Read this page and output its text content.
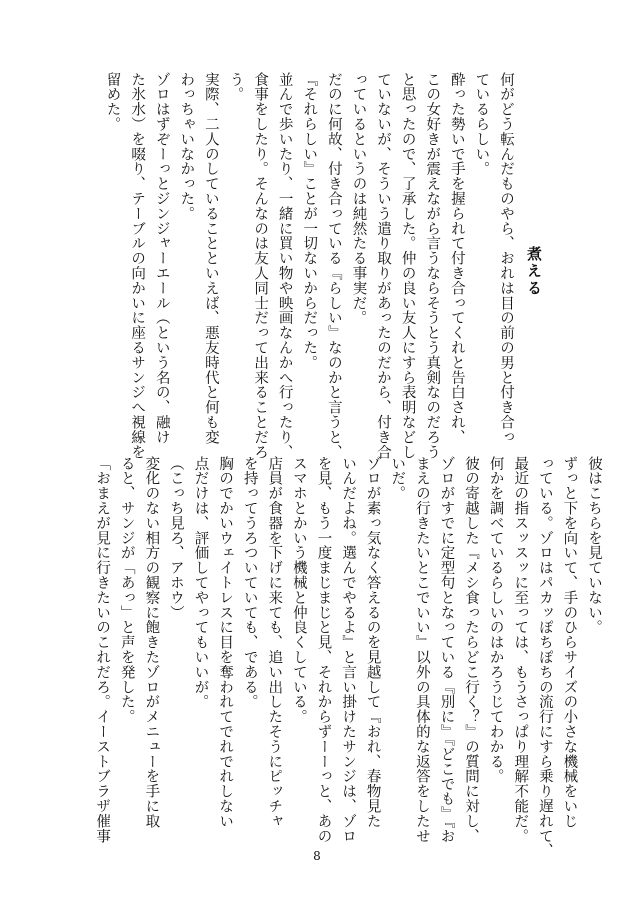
煮える
何がどう転んだものやら、おれは目の前の男と付き合っ
ているらしい。
酔った勢いで手を握られて付き合ってくれと告白され、
この女好きが震えながら言うならそうとう真剣なのだろう
と思ったので、了承した。仲の良い友人にすら表明などし
ていないが、そういう遣り取りがあったのだから、付き合
っているというのは純然たる事実だ。
だのに何故、付き合っている『らしい』なのかと言うと、
『それらしい』ことが一切ないからだった。
並んで歩いたり、一緒に買い物や映画なんかへ行ったり、
食事をしたり。そんなのは友人同士だって出来ることだろ
う。
実際、二人のしていることといえば、悪友時代と何も変
わっちゃいなかった。
ゾロはずぞーっとジンジャーエール（という名の、融け
た氷水）を啜り、テーブルの向かいに座るサンジへ視線を
留めた。

彼はこちらを見ていない。
ずっと下を向いて、手のひらサイズの小さな機械をいじ
っている。ゾロはパカッぽちぽちの流行にすら乗り遅れて、
最近の指スッスッに至っては、もうさっぱり理解不能だ。
何かを調べているらしいのはかろうじてわかる。
彼の寄越した『メシ食ったらどこ行く？』の質問に対し、
ゾロがすでに定型句となっている『別に』『どこでも』『お
まえの行きたいとこでいい』以外の具体的な返答をしたせ
いだ。
ゾロが素っ気なく答えるのを見越して『おれ、春物見た
いんだよね。選んでやるよ』と言い掛けたサンジは、ゾロ
を見、もう一度まじまじと見、それからずーーっと、あの
スマホとかいう機械と仲良くしている。
店員が食器を下げに来ても、追い出したそうにピッチャ
を持ってうろついていても、である。
胸のでかいウェイトレスに目を奪われてでれでれしない
点だけは、評価してやってもいいが。
（こっち見ろ、アホウ）
変化のない相方の観察に飽きたゾロがメニューを手に取
ると、サンジが「あっ」と声を発した。
「おまえが見に行きたいのこれだろ。イーストブラザ催事

8
